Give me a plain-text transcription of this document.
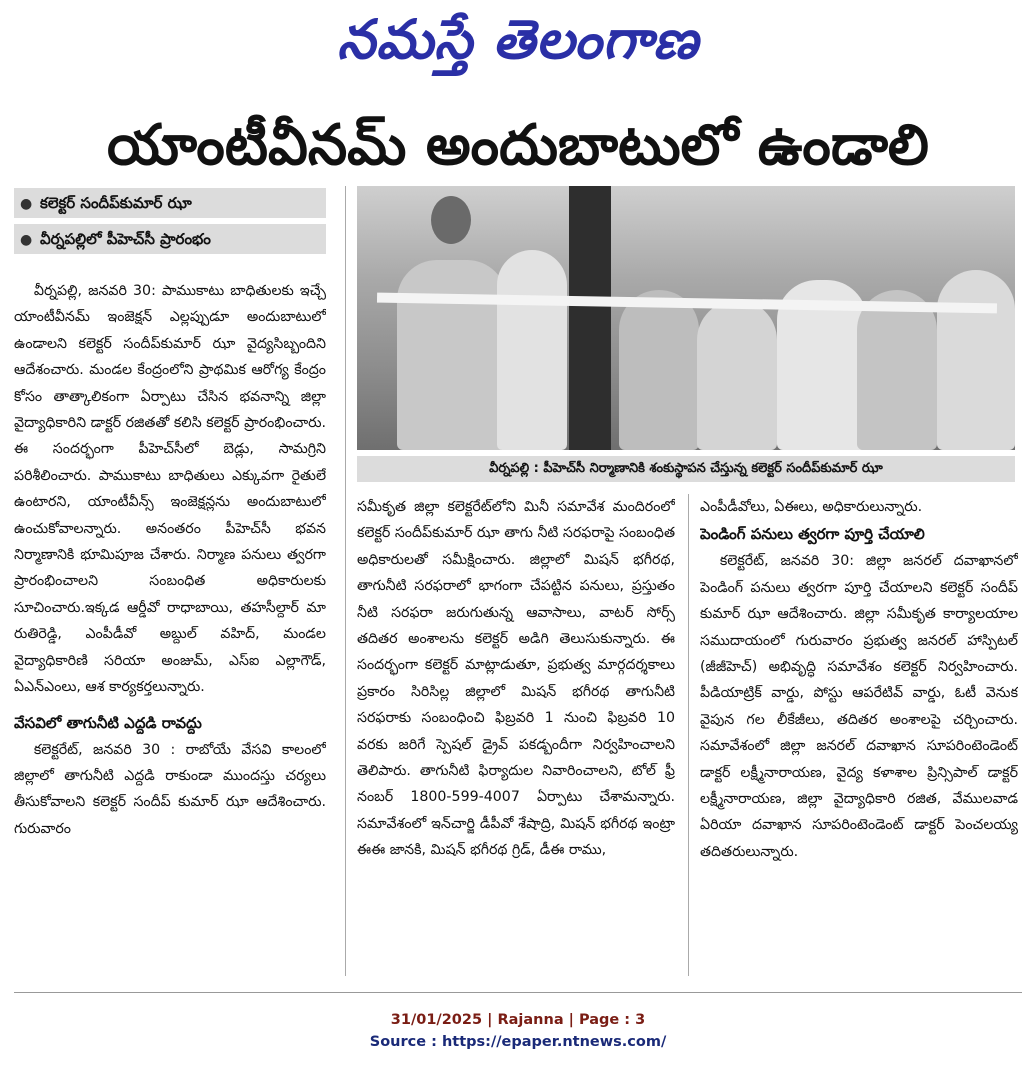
నమస్తే తెలంగాణ
యాంటీవీనమ్ అందుబాటులో ఉండాలి
● కలెక్టర్ సందీప్‌కుమార్ ఝా
● వీర్నపల్లిలో పీహెచ్‌సీ ప్రారంభం
వీర్నపల్లి : పీహెచ్‌సీ నిర్మాణానికి శంకుస్థాపన చేస్తున్న కలెక్టర్ సందీప్‌కుమార్ ఝా

వీర్నపల్లి, జనవరి 30: పాముకాటు బాధితులకు ఇచ్చే యాంటీవీనమ్ ఇంజెక్షన్ ఎల్లప్పుడూ అందుబాటులో ఉండాలని కలెక్టర్ సందీప్‌కుమార్ ఝా వైద్యసిబ్బందిని ఆదేశంచారు. మండల కేంద్రంలోని ప్రాథమిక ఆరోగ్య కేంద్రం కోసం తాత్కాలికంగా ఏర్పాటు చేసిన భవనాన్ని జిల్లా వైద్యాధికారిని డాక్టర్ రజితతో కలిసి కలెక్టర్ ప్రారంభించారు. ఈ సందర్భంగా పీహెచ్‌సీలో బెడ్లు, సామగ్రిని పరిశీలించారు. పాముకాటు బాధితులు ఎక్కువగా రైతులే ఉంటారని, యాంటీవీన్స్ ఇంజెక్షన్లను అందుబాటులో ఉంచుకోవాలన్నారు. అనంతరం పీహెచ్‌సీ భవన నిర్మాణానికి భూమిపూజ చేశారు. నిర్మాణ పనులు త్వరగా ప్రారంభించాలని సంబంధిత అధికారులకు సూచించారు.ఇక్కడ ఆర్డీవో రాధాబాయి, తహసీల్దార్ మా రుతిరెడ్డి, ఎంపీడీవో అబ్దుల్ వహిద్, మండల వైద్యాధికారిణి సరియా అంజుమ్, ఎస్ఐ ఎల్లాగౌడ్, ఏఎన్ఎంలు, ఆశ కార్యకర్తలున్నారు.

వేసవిలో తాగునీటి ఎద్దడి రావద్దు

కలెక్టరేట్, జనవరి 30 : రాబోయే వేసవి కాలంలో జిల్లాలో తాగునీటి ఎద్దడి రాకుండా ముందస్తు చర్యలు తీసుకోవాలని కలెక్టర్ సందీప్ కుమార్ ఝా ఆదేశించారు. గురువారం

సమీకృత జిల్లా కలెక్టరేట్‌లోని మినీ సమావేశ మందిరంలో కలెక్టర్ సందీప్‌కుమార్ ఝా తాగు నీటి సరఫరాపై సంబంధిత అధికారులతో సమీక్షించారు. జిల్లాలో మిషన్ భగీరథ, తాగునీటి సరఫరాలో భాగంగా చేపట్టిన పనులు, ప్రస్తుతం నీటి సరఫరా జరుగుతున్న ఆవాసాలు, వాటర్ సోర్స్ తదితర అంశాలను కలెక్టర్ అడిగి తెలుసుకున్నారు. ఈ సందర్భంగా కలెక్టర్ మాట్లాడుతూ, ప్రభుత్వ మార్గదర్శకాలు ప్రకారం సిరిసిల్ల జిల్లాలో మిషన్ భగీరథ తాగునీటి సరఫరాకు సంబంధించి ఫిబ్రవరి 1 నుంచి ఫిబ్రవరి 10 వరకు జరిగే స్పెషల్ డ్రైవ్ పకడ్బందీగా నిర్వహించాలని తెలిపారు. తాగునీటి ఫిర్యాదుల నివారించాలని, టోల్ ఫ్రీ నంబర్ 1800-599-4007 ఏర్పాటు చేశామన్నారు. సమావేశంలో ఇన్‌చార్జి డీపీవో శేషాద్రి, మిషన్ భగీరథ ఇంట్రా ఈఈ జానకి, మిషన్ భగీరథ గ్రిడ్, డీఈ రాము,

ఎంపీడీవోలు, ఏఈలు, అధికారులున్నారు.

పెండింగ్ పనులు త్వరగా పూర్తి చేయాలి

కలెక్టరేట్, జనవరి 30: జిల్లా జనరల్ దవాఖానలో పెండింగ్ పనులు త్వరగా పూర్తి చేయాలని కలెక్టర్ సందీప్ కుమార్ ఝా ఆదేశించారు. జిల్లా సమీకృత కార్యాలయాల సముదాయంలో గురువారం ప్రభుత్వ జనరల్ హాస్పిటల్ (జీజీహెచ్) అభివృద్ధి సమావేశం కలెక్టర్ నిర్వహించారు. పీడియాట్రిక్ వార్డు, పోస్టు ఆపరేటివ్ వార్డు, ఓటీ వెనుక వైపున గల లీకేజీలు, తదితర అంశాలపై చర్చించారు. సమావేశంలో జిల్లా జనరల్ దవాఖాన సూపరింటెండెంట్ డాక్టర్ లక్ష్మీనారాయణ, వైద్య కళాశాల ప్రిన్సిపాల్ డాక్టర్ లక్ష్మీనారాయణ, జిల్లా వైద్యాధికారి రజిత, వేములవాడ ఏరియా దవాఖాన సూపరింటెండెంట్ డాక్టర్ పెంచలయ్య తదితరులున్నారు.

31/01/2025 | Rajanna | Page : 3
Source : https://epaper.ntnews.com/
